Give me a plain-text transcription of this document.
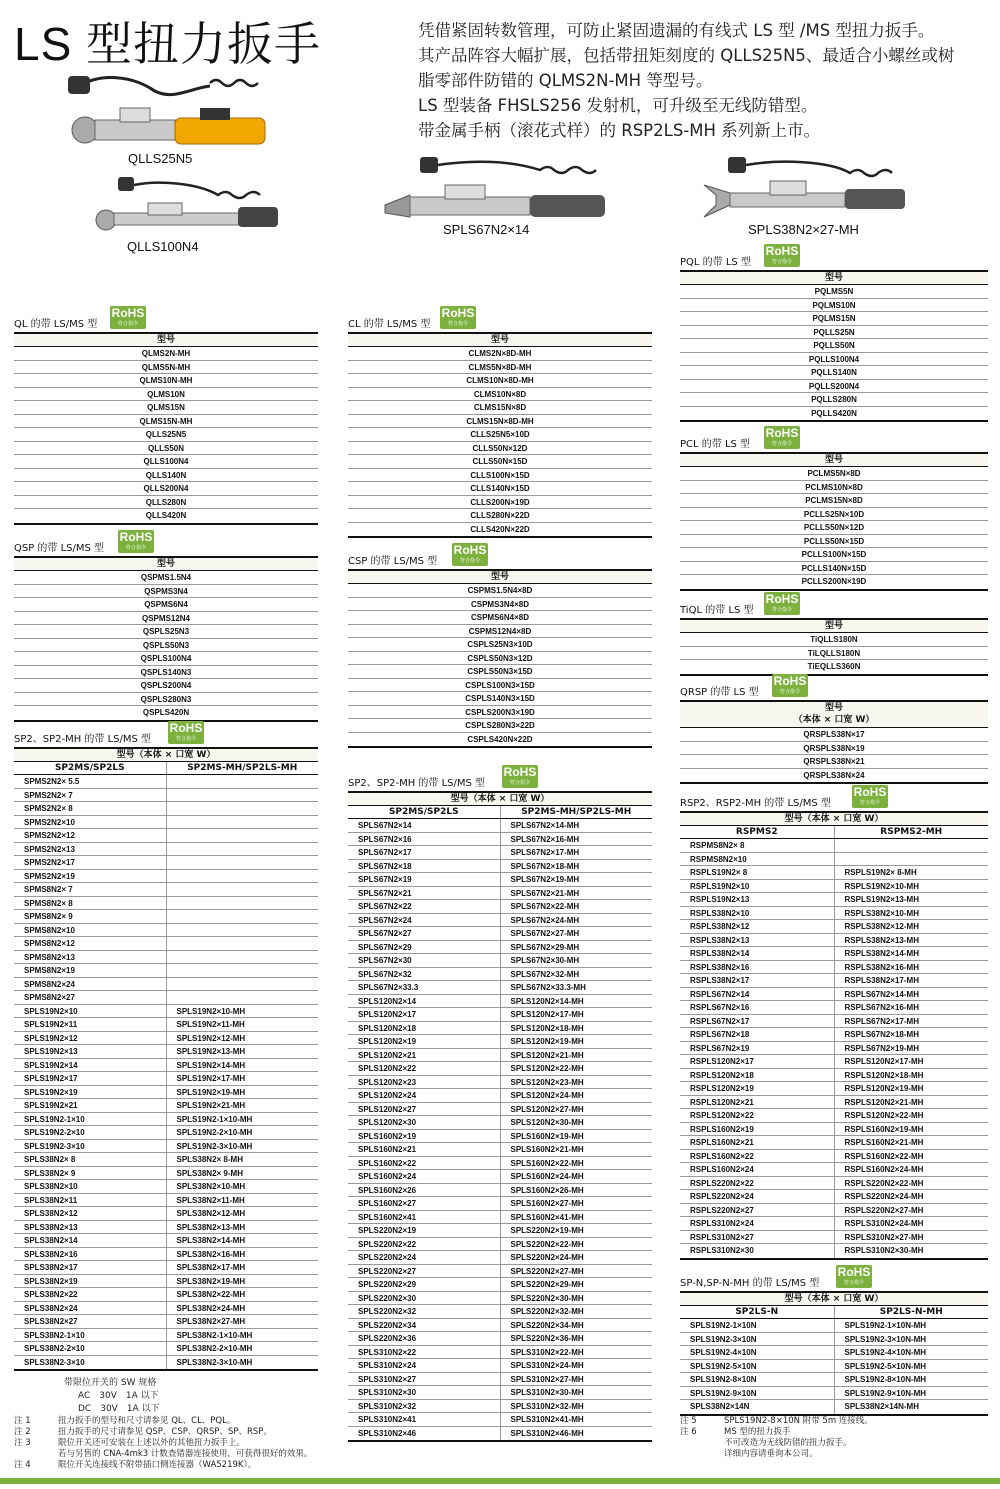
LS 型扭力扳手	凭借紧固转数管理，可防止紧固遗漏的有线式 LS 型 /MS 型扭力扳手。

其产品阵容大幅扩展，包括带扭矩刻度的 QLLS25N5、最适合小螺丝或树

脂零部件防错的 QLMS2N-MH 等型号。

LS 型装备 FHSLS256 发射机，可升级至无线防错型。

带金属手柄（滚花式样）的 RSP2LS-MH 系列新上市。

QLLS25N5
QLLS100N4
SPLS67N2×14	SPLS38N2×27-MH
QL 的带 LS/MS 型
RoHS
符合指令
型号
QLMS2N-MH
QLMS5N-MH
QLMS10N-MH
QLMS10N
QLMS15N
QLMS15N-MH
QLLS25N5
QLLS50N
QLLS100N4
QLLS140N
QLLS200N4
QLLS280N
QLLS420N
CL 的带 LS/MS 型
RoHS
符合指令
型号
CLMS2N×8D-MH
CLMS5N×8D-MH
CLMS10N×8D-MH
CLMS10N×8D
CLMS15N×8D
CLMS15N×8D-MH
CLLS25N5×10D
CLLS50N×12D
CLLS50N×15D
CLLS100N×15D
CLLS140N×15D
CLLS200N×19D
CLLS280N×22D
CLLS420N×22D
PQL 的带 LS 型
RoHS
符合指令
型号
PQLMS5N
PQLMS10N
PQLMS15N
PQLLS25N
PQLLS50N
PQLLS100N4
PQLLS140N
PQLLS200N4
PQLLS280N
PQLLS420N
PCL 的带 LS 型
RoHS
符合指令
型号
PCLMS5N×8D
PCLMS10N×8D
PCLMS15N×8D
PCLLS25N×10D
PCLLS50N×12D
PCLLS50N×15D
PCLLS100N×15D
PCLLS140N×15D
PCLLS200N×19D
QSP 的带 LS/MS 型
RoHS
符合指令
型号
QSPMS1.5N4
QSPMS3N4
QSPMS6N4
QSPMS12N4
QSPLS25N3
QSPLS50N3
QSPLS100N4
QSPLS140N3
QSPLS200N4
QSPLS280N3
QSPLS420N
CSP 的带 LS/MS 型
RoHS
符合指令
型号
CSPMS1.5N4×8D
CSPMS3N4×8D
CSPMS6N4×8D
CSPMS12N4×8D
CSPLS25N3×10D
CSPLS50N3×12D
CSPLS50N3×15D
CSPLS100N3×15D
CSPLS140N3×15D
CSPLS200N3×19D
CSPLS280N3×22D
CSPLS420N×22D
TiQL 的带 LS 型
RoHS
符合指令
型号
TiQLLS180N
TiLQLLS180N
TiEQLLS360N
QRSP 的带 LS 型
RoHS
符合指令
型号
（本体 × 口宽 W）
QRSPLS38N×17
QRSPLS38N×19
QRSPLS38N×21
QRSPLS38N×24
SP2、SP2-MH 的带 LS/MS 型
RoHS
符合指令
型号（本体 × 口宽 W）
SP2MS/SP2LS	SP2MS-MH/SP2LS-MH
SPMS2N2× 5.5
SPMS2N2× 7
SPMS2N2× 8
SPMS2N2×10
SPMS2N2×12
SPMS2N2×13
SPMS2N2×17
SPMS2N2×19
SPMS8N2× 7
SPMS8N2× 8
SPMS8N2× 9
SPMS8N2×10
SPMS8N2×12
SPMS8N2×13
SPMS8N2×19
SPMS8N2×24
SPMS8N2×27
SPLS19N2×10	SPLS19N2×10-MH
SPLS19N2×11	SPLS19N2×11-MH
SPLS19N2×12	SPLS19N2×12-MH
SPLS19N2×13	SPLS19N2×13-MH
SPLS19N2×14	SPLS19N2×14-MH
SPLS19N2×17	SPLS19N2×17-MH
SPLS19N2×19	SPLS19N2×19-MH
SPLS19N2×21	SPLS19N2×21-MH
SPLS19N2-1×10	SPLS19N2-1×10-MH
SPLS19N2-2×10	SPLS19N2-2×10-MH
SPLS19N2-3×10	SPLS19N2-3×10-MH
SPLS38N2× 8	SPLS38N2× 8-MH
SPLS38N2× 9	SPLS38N2× 9-MH
SPLS38N2×10	SPLS38N2×10-MH
SPLS38N2×11	SPLS38N2×11-MH
SPLS38N2×12	SPLS38N2×12-MH
SPLS38N2×13	SPLS38N2×13-MH
SPLS38N2×14	SPLS38N2×14-MH
SPLS38N2×16	SPLS38N2×16-MH
SPLS38N2×17	SPLS38N2×17-MH
SPLS38N2×19	SPLS38N2×19-MH
SPLS38N2×22	SPLS38N2×22-MH
SPLS38N2×24	SPLS38N2×24-MH
SPLS38N2×27	SPLS38N2×27-MH
SPLS38N2-1×10	SPLS38N2-1×10-MH
SPLS38N2-2×10	SPLS38N2-2×10-MH
SPLS38N2-3×10	SPLS38N2-3×10-MH
SP2、SP2-MH 的带 LS/MS 型
RoHS
符合指令
型号（本体 × 口宽 W）
SP2MS/SP2LS	SP2MS-MH/SP2LS-MH
SPLS67N2×14	SPLS67N2×14-MH
SPLS67N2×16	SPLS67N2×16-MH
SPLS67N2×17	SPLS67N2×17-MH
SPLS67N2×18	SPLS67N2×18-MH
SPLS67N2×19	SPLS67N2×19-MH
SPLS67N2×21	SPLS67N2×21-MH
SPLS67N2×22	SPLS67N2×22-MH
SPLS67N2×24	SPLS67N2×24-MH
SPLS67N2×27	SPLS67N2×27-MH
SPLS67N2×29	SPLS67N2×29-MH
SPLS67N2×30	SPLS67N2×30-MH
SPLS67N2×32	SPLS67N2×32-MH
SPLS67N2×33.3	SPLS67N2×33.3-MH
SPLS120N2×14	SPLS120N2×14-MH
SPLS120N2×17	SPLS120N2×17-MH
SPLS120N2×18	SPLS120N2×18-MH
SPLS120N2×19	SPLS120N2×19-MH
SPLS120N2×21	SPLS120N2×21-MH
SPLS120N2×22	SPLS120N2×22-MH
SPLS120N2×23	SPLS120N2×23-MH
SPLS120N2×24	SPLS120N2×24-MH
SPLS120N2×27	SPLS120N2×27-MH
SPLS120N2×30	SPLS120N2×30-MH
SPLS160N2×19	SPLS160N2×19-MH
SPLS160N2×21	SPLS160N2×21-MH
SPLS160N2×22	SPLS160N2×22-MH
SPLS160N2×24	SPLS160N2×24-MH
SPLS160N2×26	SPLS160N2×26-MH
SPLS160N2×27	SPLS160N2×27-MH
SPLS160N2×41	SPLS160N2×41-MH
SPLS220N2×19	SPLS220N2×19-MH
SPLS220N2×22	SPLS220N2×22-MH
SPLS220N2×24	SPLS220N2×24-MH
SPLS220N2×27	SPLS220N2×27-MH
SPLS220N2×29	SPLS220N2×29-MH
SPLS220N2×30	SPLS220N2×30-MH
SPLS220N2×32	SPLS220N2×32-MH
SPLS220N2×34	SPLS220N2×34-MH
SPLS220N2×36	SPLS220N2×36-MH
SPLS310N2×22	SPLS310N2×22-MH
SPLS310N2×24	SPLS310N2×24-MH
SPLS310N2×27	SPLS310N2×27-MH
SPLS310N2×30	SPLS310N2×30-MH
SPLS310N2×32	SPLS310N2×32-MH
SPLS310N2×41	SPLS310N2×41-MH
SPLS310N2×46	SPLS310N2×46-MH
RSP2、RSP2-MH 的带 LS/MS 型
RoHS
符合指令
型号（本体 × 口宽 W）
RSPMS2	RSPMS2-MH
RSPMS8N2× 8
RSPMS8N2×10
RSPLS19N2× 8	RSPLS19N2× 8-MH
RSPLS19N2×10	RSPLS19N2×10-MH
RSPLS19N2×13	RSPLS19N2×13-MH
RSPLS38N2×10	RSPLS38N2×10-MH
RSPLS38N2×12	RSPLS38N2×12-MH
RSPLS38N2×13	RSPLS38N2×13-MH
RSPLS38N2×14	RSPLS38N2×14-MH
RSPLS38N2×16	RSPLS38N2×16-MH
RSPLS38N2×17	RSPLS38N2×17-MH
RSPLS67N2×14	RSPLS67N2×14-MH
RSPLS67N2×16	RSPLS67N2×16-MH
RSPLS67N2×17	RSPLS67N2×17-MH
RSPLS67N2×18	RSPLS67N2×18-MH
RSPLS67N2×19	RSPLS67N2×19-MH
RSPLS120N2×17	RSPLS120N2×17-MH
RSPLS120N2×18	RSPLS120N2×18-MH
RSPLS120N2×19	RSPLS120N2×19-MH
RSPLS120N2×21	RSPLS120N2×21-MH
RSPLS120N2×22	RSPLS120N2×22-MH
RSPLS160N2×19	RSPLS160N2×19-MH
RSPLS160N2×21	RSPLS160N2×21-MH
RSPLS160N2×22	RSPLS160N2×22-MH
RSPLS160N2×24	RSPLS160N2×24-MH
RSPLS220N2×22	RSPLS220N2×22-MH
RSPLS220N2×24	RSPLS220N2×24-MH
RSPLS220N2×27	RSPLS220N2×27-MH
RSPLS310N2×24	RSPLS310N2×24-MH
RSPLS310N2×27	RSPLS310N2×27-MH
RSPLS310N2×30	RSPLS310N2×30-MH
SP-N,SP-N-MH 的带 LS/MS 型
RoHS
符合指令
型号（本体 × 口宽 W）
SP2LS-N	SP2LS-N-MH
SPLS19N2-1×10N	SPLS19N2-1×10N-MH
SPLS19N2-3×10N	SPLS19N2-3×10N-MH
SPLS19N2-4×10N	SPLS19N2-4×10N-MH
SPLS19N2-5×10N	SPLS19N2-5×10N-MH
SPLS19N2-8×10N	SPLS19N2-8×10N-MH
SPLS19N2-9×10N	SPLS19N2-9×10N-MH
SPLS38N2×14N	SPLS38N2×14N-MH
带限位开关的 SW 规格
AC　30V　1A 以下
DC　30V　1A 以下
注 1	扭力扳手的型号和尺寸请参见 QL、CL、PQL。
注 2	扭力扳手的尺寸请参见 QSP、CSP、QRSP、SP、RSP。
注 3	限位开关还可安装在上述以外的其他扭力扳手上。
若与另售的 CNA-4mk3 计数查错器连接使用，可获得很好的效果。
注 4	限位开关连接线不附带插口侧连接器（WA5219K）。
注 5	SPLS19N2-8×10N 附带 5m 连接线。
注 6	MS 型的扭力扳手
不可改造为无线防错的扭力扳手。
详细内容请垂询本公司。
